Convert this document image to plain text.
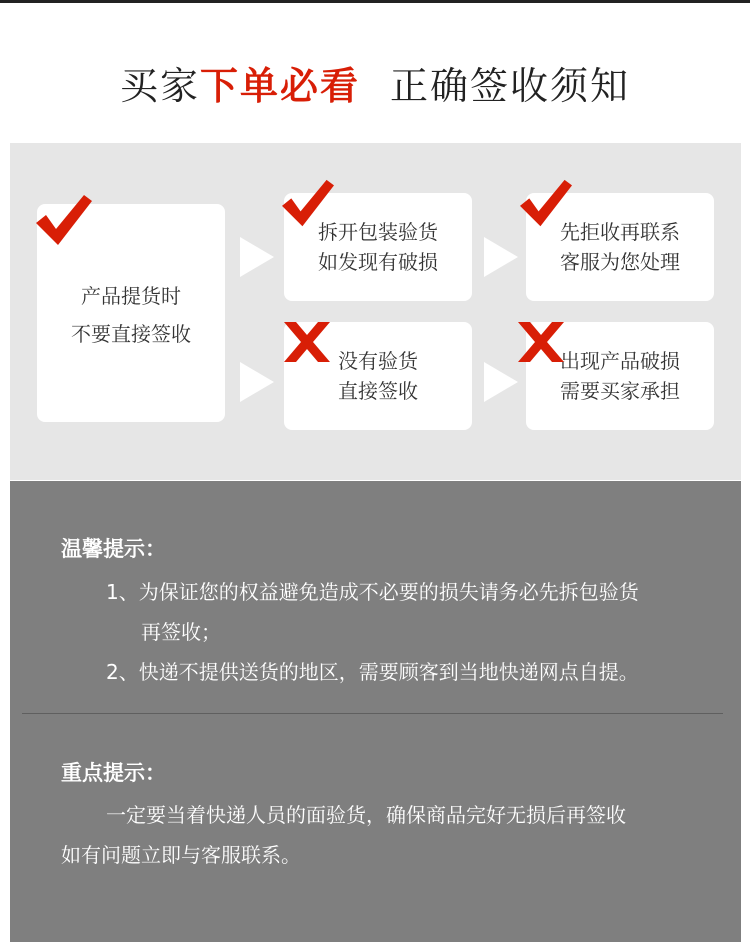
买家下单必看 正确签收须知
产品提货时
不要直接签收
拆开包装验货
如发现有破损
没有验货
直接签收
先拒收再联系
客服为您处理
出现产品破损
需要买家承担
温馨提示：
1、为保证您的权益避免造成不必要的损失请务必先拆包验货
再签收；
2、快递不提供送货的地区，需要顾客到当地快递网点自提。
重点提示：
一定要当着快递人员的面验货，确保商品完好无损后再签收
如有问题立即与客服联系。
